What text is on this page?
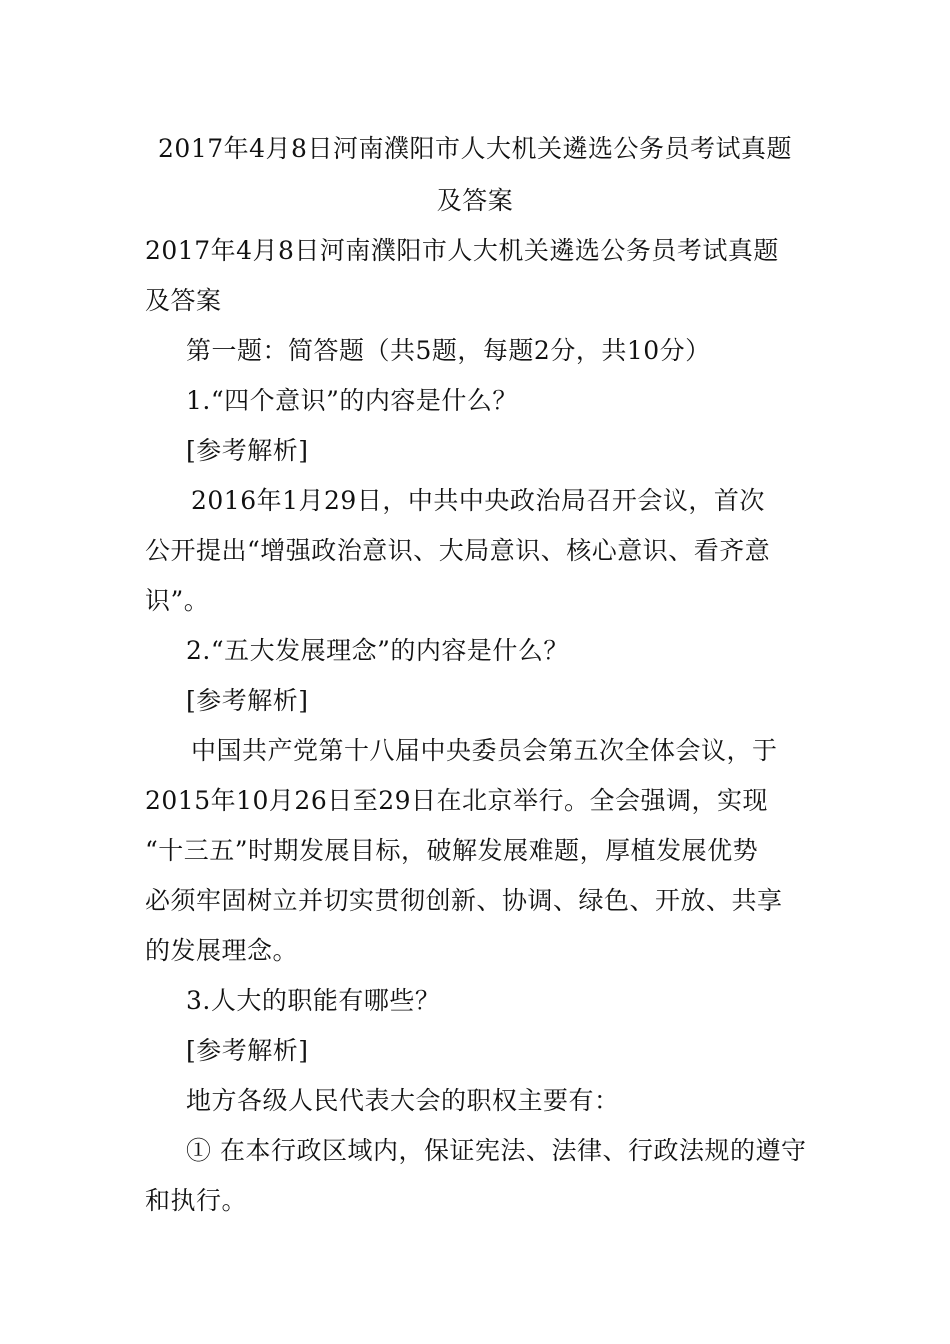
2017年4月8日河南濮阳市人大机关遴选公务员考试真题
及答案
2017年4月8日河南濮阳市人大机关遴选公务员考试真题
及答案
第一题：简答题（共5题，每题2分，共10分）
1.“四个意识”的内容是什么？
[参考解析]
2016年1月29日，中共中央政治局召开会议，首次
公开提出“增强政治意识、大局意识、核心意识、看齐意
识”。
2.“五大发展理念”的内容是什么？
[参考解析]
中国共产党第十八届中央委员会第五次全体会议，于
2015年10月26日至29日在北京举行。全会强调，实现
“十三五”时期发展目标，破解发展难题，厚植发展优势
必须牢固树立并切实贯彻创新、协调、绿色、开放、共享
的发展理念。
3.人大的职能有哪些？
[参考解析]
地方各级人民代表大会的职权主要有：
① 在本行政区域内，保证宪法、法律、行政法规的遵守
和执行。
